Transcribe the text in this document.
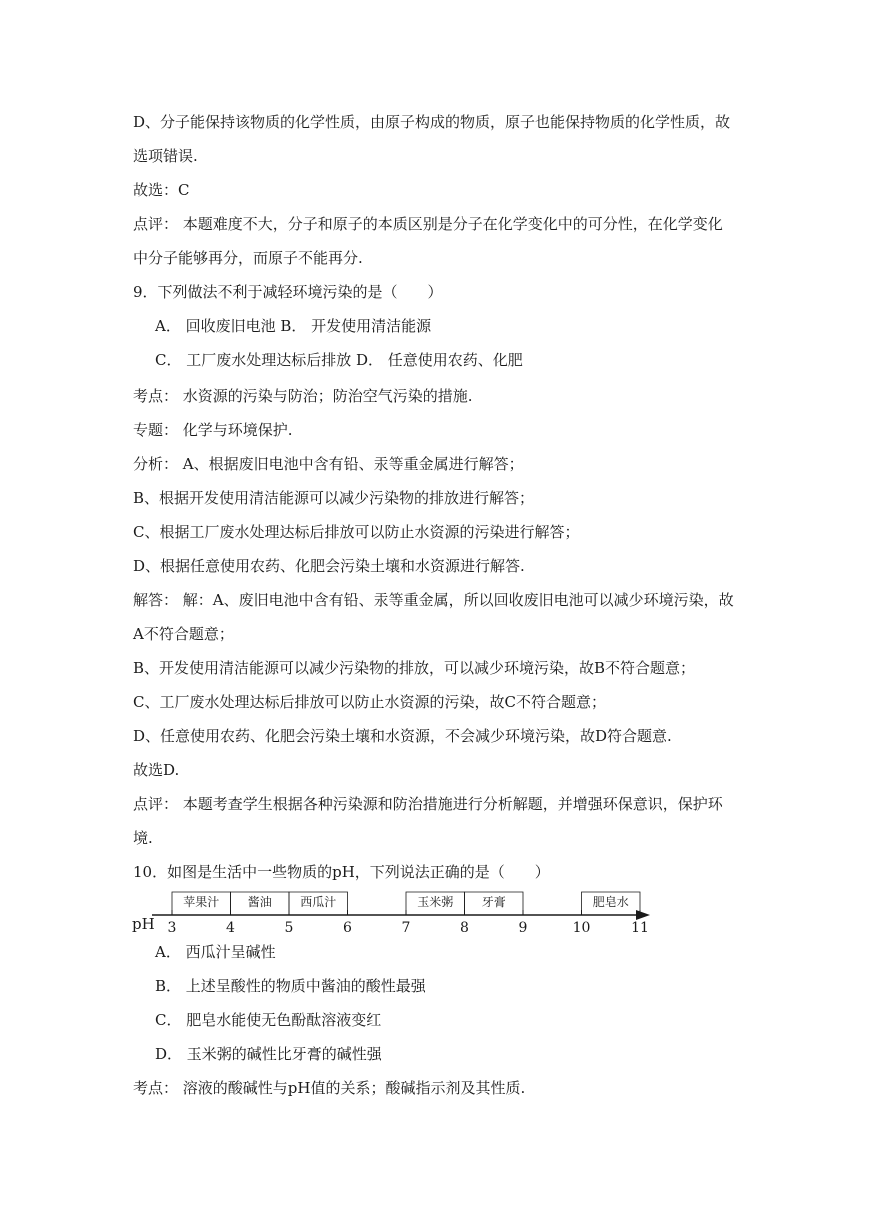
D、分子能保持该物质的化学性质，由原子构成的物质，原子也能保持物质的化学性质，故
选项错误.
故选：C
点评： 本题难度不大，分子和原子的本质区别是分子在化学变化中的可分性，在化学变化
中分子能够再分，而原子不能再分.
9．下列做法不利于减轻环境污染的是（　　）
A． 回收废旧电池 B． 开发使用清洁能源
C． 工厂废水处理达标后排放 D． 任意使用农药、化肥
考点： 水资源的污染与防治；防治空气污染的措施.
专题： 化学与环境保护.
分析： A、根据废旧电池中含有铅、汞等重金属进行解答；
B、根据开发使用清洁能源可以减少污染物的排放进行解答；
C、根据工厂废水处理达标后排放可以防止水资源的污染进行解答；
D、根据任意使用农药、化肥会污染土壤和水资源进行解答.
解答： 解：A、废旧电池中含有铅、汞等重金属，所以回收废旧电池可以减少环境污染，故
A不符合题意；
B、开发使用清洁能源可以减少污染物的排放，可以减少环境污染，故B不符合题意；
C、工厂废水处理达标后排放可以防止水资源的污染，故C不符合题意；
D、任意使用农药、化肥会污染土壤和水资源，不会减少环境污染，故D符合题意.
故选D.
点评： 本题考查学生根据各种污染源和防治措施进行分析解题，并增强环保意识，保护环
境.
10．如图是生活中一些物质的pH，下列说法正确的是（　　）
pH 3	4	5	6	7	8	9	10	11
苹果汁 酱油 西瓜汁	玉米粥 牙膏	肥皂水
A． 西瓜汁呈碱性
B． 上述呈酸性的物质中酱油的酸性最强
C． 肥皂水能使无色酚酞溶液变红
D． 玉米粥的碱性比牙膏的碱性强
考点： 溶液的酸碱性与pH值的关系；酸碱指示剂及其性质.
